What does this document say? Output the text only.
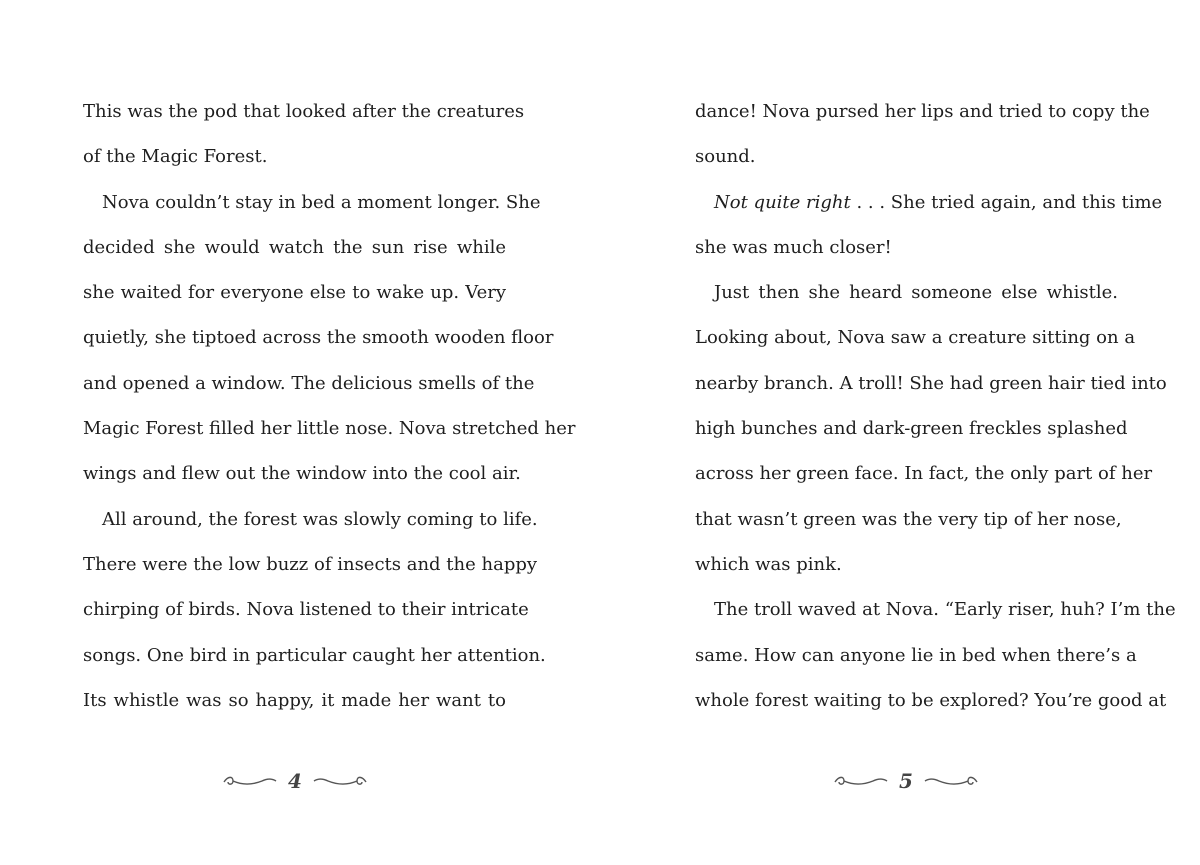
This was the pod that looked after the creatures
of the Magic Forest.
Nova couldn’t stay in bed a moment longer. She
decided she would watch the sun rise while
she waited for everyone else to wake up. Very
quietly, she tiptoed across the smooth wooden floor
and opened a window. The delicious smells of the
Magic Forest filled her little nose. Nova stretched her
wings and flew out the window into the cool air.
All around, the forest was slowly coming to life.
There were the low buzz of insects and the happy
chirping of birds. Nova listened to their intricate
songs. One bird in particular caught her attention.
Its whistle was so happy, it made her want to
4
dance! Nova pursed her lips and tried to copy the
sound.
Not quite right . . . She tried again, and this time
she was much closer!
Just then she heard someone else whistle.
Looking about, Nova saw a creature sitting on a
nearby branch. A troll! She had green hair tied into
high bunches and dark-green freckles splashed
across her green face. In fact, the only part of her
that wasn’t green was the very tip of her nose,
which was pink.
The troll waved at Nova. “Early riser, huh? I’m the
same. How can anyone lie in bed when there’s a
whole forest waiting to be explored? You’re good at
5
